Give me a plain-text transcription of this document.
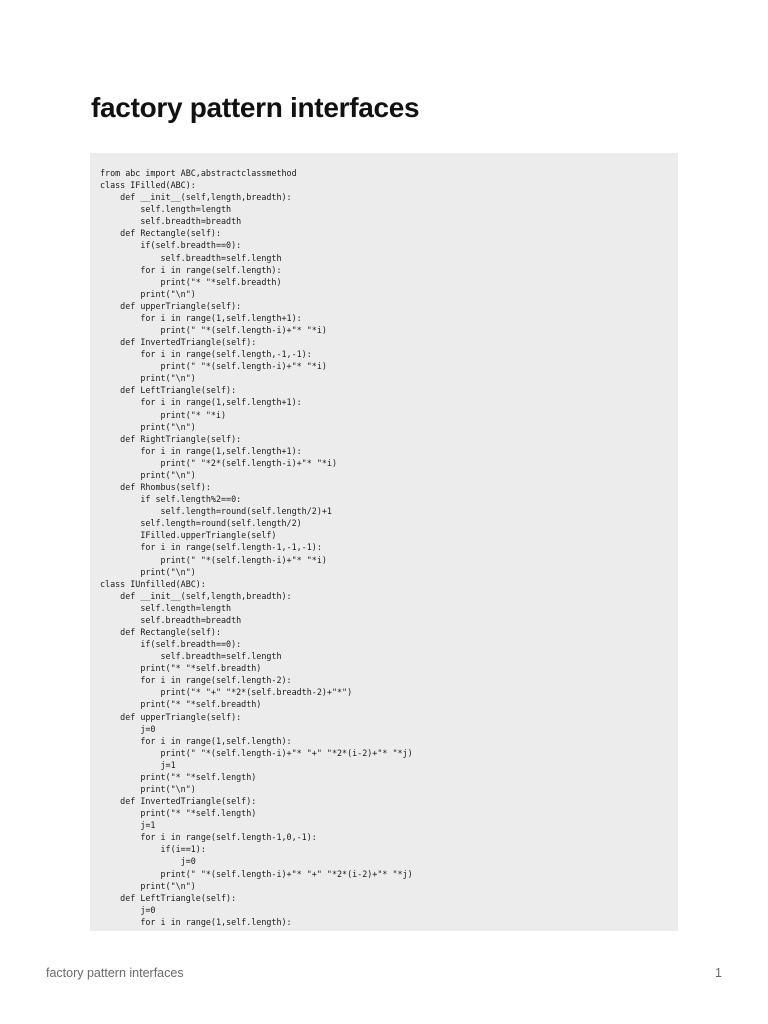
factory pattern interfaces
from abc import ABC,abstractclassmethod
class IFilled(ABC):
def __init__(self,length,breadth):
self.length=length
self.breadth=breadth
def Rectangle(self):
if(self.breadth==0):
self.breadth=self.length
for i in range(self.length):
print("* "*self.breadth)
print("\n")
def upperTriangle(self):
for i in range(1,self.length+1):
print(" "*(self.length-i)+"* "*i)
def InvertedTriangle(self):
for i in range(self.length,-1,-1):
print(" "*(self.length-i)+"* "*i)
print("\n")
def LeftTriangle(self):
for i in range(1,self.length+1):
print("* "*i)
print("\n")
def RightTriangle(self):
for i in range(1,self.length+1):
print(" "*2*(self.length-i)+"* "*i)
print("\n")
def Rhombus(self):
if self.length%2==0:
self.length=round(self.length/2)+1
self.length=round(self.length/2)
IFilled.upperTriangle(self)
for i in range(self.length-1,-1,-1):
print(" "*(self.length-i)+"* "*i)
print("\n")
class IUnfilled(ABC):
def __init__(self,length,breadth):
self.length=length
self.breadth=breadth
def Rectangle(self):
if(self.breadth==0):
self.breadth=self.length
print("* "*self.breadth)
for i in range(self.length-2):
print("* "+" "*2*(self.breadth-2)+"*")
print("* "*self.breadth)
def upperTriangle(self):
j=0
for i in range(1,self.length):
print(" "*(self.length-i)+"* "+" "*2*(i-2)+"* "*j)
j=1
print("* "*self.length)
print("\n")
def InvertedTriangle(self):
print("* "*self.length)
j=1
for i in range(self.length-1,0,-1):
if(i==1):
j=0
print(" "*(self.length-i)+"* "+" "*2*(i-2)+"* "*j)
print("\n")
def LeftTriangle(self):
j=0
for i in range(1,self.length):
factory pattern interfaces	1
